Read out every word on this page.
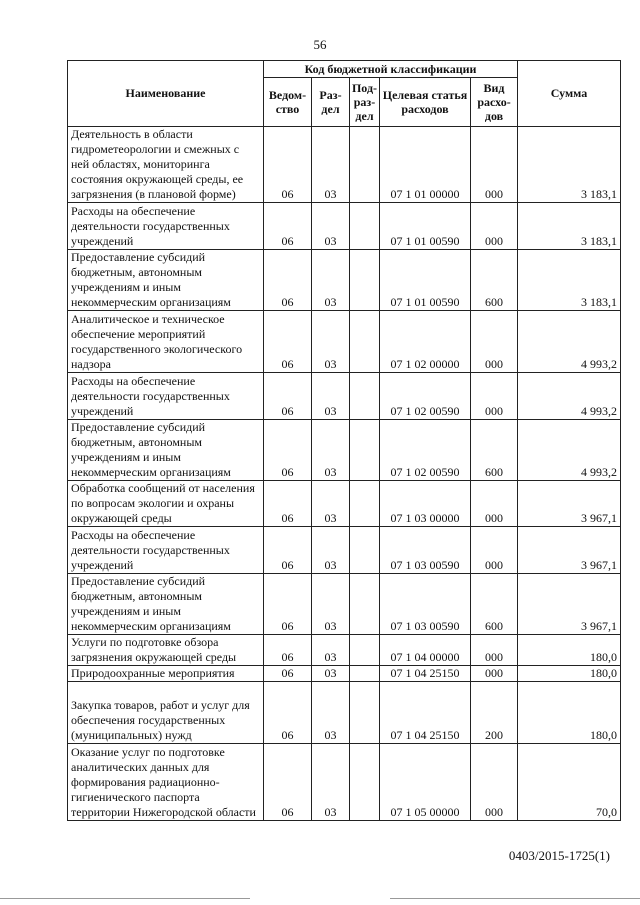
56
Наименование	Код бюджетной классификации					Сумма
	Ведом-ство	Раз-дел	Под-раз-дел	Целевая статья расходов	Вид расхо-дов	
Деятельность в области гидрометеорологии и смежных с ней областях, мониторинга состояния окружающей среды, ее загрязнения (в плановой форме)	06	03		07 1 01 00000	000	3 183,1
Расходы на обеспечение деятельности государственных учреждений	06	03		07 1 01 00590	000	3 183,1
Предоставление субсидий бюджетным, автономным учреждениям и иным некоммерческим организациям	06	03		07 1 01 00590	600	3 183,1
Аналитическое и техническое обеспечение мероприятий государственного экологического надзора	06	03		07 1 02 00000	000	4 993,2
Расходы на обеспечение деятельности государственных учреждений	06	03		07 1 02 00590	000	4 993,2
Предоставление субсидий бюджетным, автономным учреждениям и иным некоммерческим организациям	06	03		07 1 02 00590	600	4 993,2
Обработка сообщений от населения по вопросам экологии и охраны окружающей среды	06	03		07 1 03 00000	000	3 967,1
Расходы на обеспечение деятельности государственных учреждений	06	03		07 1 03 00590	000	3 967,1
Предоставление субсидий бюджетным, автономным учреждениям и иным некоммерческим организациям	06	03		07 1 03 00590	600	3 967,1
Услуги по подготовке обзора загрязнения окружающей среды	06	03		07 1 04 00000	000	180,0
Природоохранные мероприятия	06	03		07 1 04 25150	000	180,0
Закупка товаров, работ и услуг для обеспечения государственных (муниципальных) нужд	06	03		07 1 04 25150	200	180,0
Оказание услуг по подготовке аналитических данных для формирования радиационно-гигиенического паспорта территории Нижегородской области	06	03		07 1 05 00000	000	70,0
0403/2015-1725(1)
